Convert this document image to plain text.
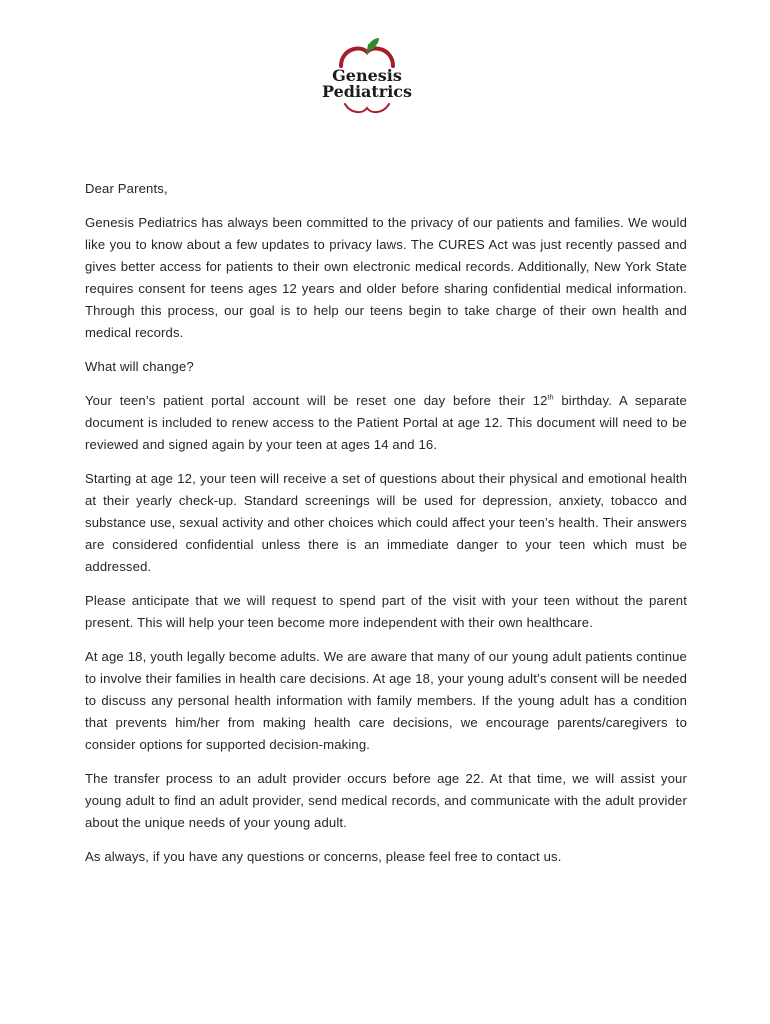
Genesis
Pediatrics

Dear Parents,

Genesis Pediatrics has always been committed to the privacy of our patients and families. We would like you to know about a few updates to privacy laws. The CURES Act was just recently passed and gives better access for patients to their own electronic medical records. Additionally, New York State requires consent for teens ages 12 years and older before sharing confidential medical information. Through this process, our goal is to help our teens begin to take charge of their own health and medical records.

What will change?

Your teen’s patient portal account will be reset one day before their 12th birthday. A separate document is included to renew access to the Patient Portal at age 12. This document will need to be reviewed and signed again by your teen at ages 14 and 16.

Starting at age 12, your teen will receive a set of questions about their physical and emotional health at their yearly check-up. Standard screenings will be used for depression, anxiety, tobacco and substance use, sexual activity and other choices which could affect your teen’s health. Their answers are considered confidential unless there is an immediate danger to your teen which must be addressed.

Please anticipate that we will request to spend part of the visit with your teen without the parent present. This will help your teen become more independent with their own healthcare.

At age 18, youth legally become adults. We are aware that many of our young adult patients continue to involve their families in health care decisions. At age 18, your young adult’s consent will be needed to discuss any personal health information with family members. If the young adult has a condition that prevents him/her from making health care decisions, we encourage parents/caregivers to consider options for supported decision-making.

The transfer process to an adult provider occurs before age 22. At that time, we will assist your young adult to find an adult provider, send medical records, and communicate with the adult provider about the unique needs of your young adult.

As always, if you have any questions or concerns, please feel free to contact us.
